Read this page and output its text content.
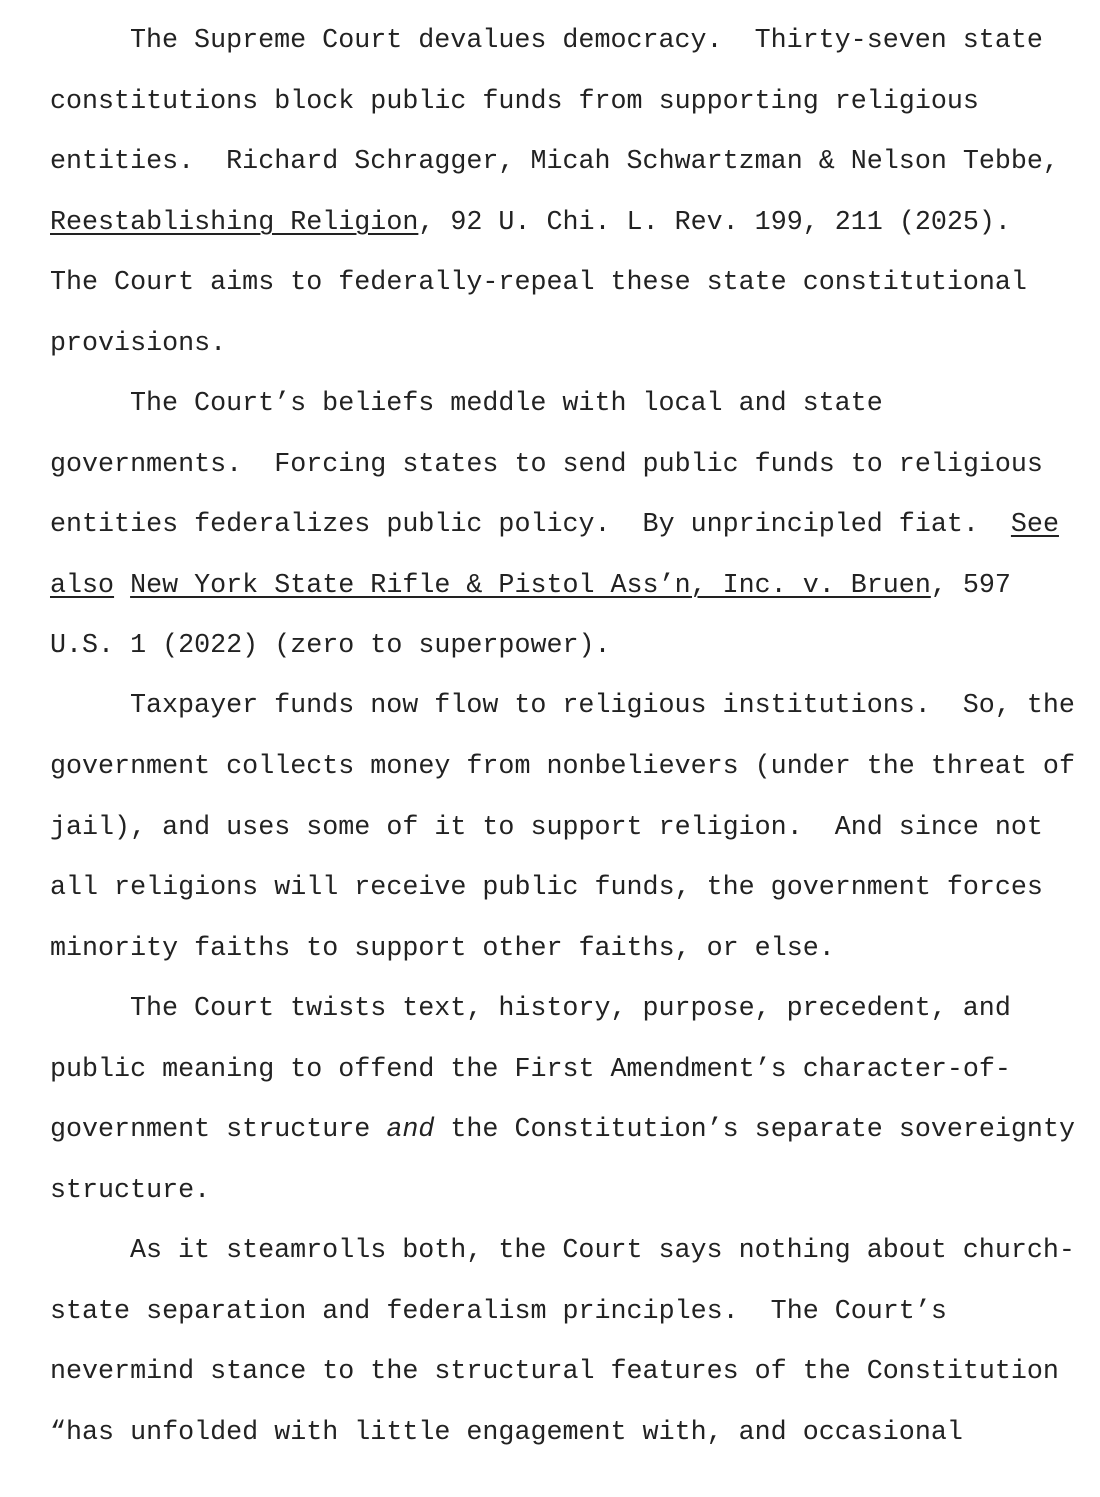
The Supreme Court devalues democracy.  Thirty-seven state
constitutions block public funds from supporting religious
entities.  Richard Schragger, Micah Schwartzman & Nelson Tebbe,
Reestablishing Religion, 92 U. Chi. L. Rev. 199, 211 (2025).
The Court aims to federally-repeal these state constitutional
provisions.
The Court’s beliefs meddle with local and state
governments.  Forcing states to send public funds to religious
entities federalizes public policy.  By unprincipled fiat.  See
also New York State Rifle & Pistol Ass’n, Inc. v. Bruen, 597
U.S. 1 (2022) (zero to superpower).
Taxpayer funds now flow to religious institutions.  So, the
government collects money from nonbelievers (under the threat of
jail), and uses some of it to support religion.  And since not
all religions will receive public funds, the government forces
minority faiths to support other faiths, or else.
The Court twists text, history, purpose, precedent, and
public meaning to offend the First Amendment’s character-of-
government structure and the Constitution’s separate sovereignty
structure.
As it steamrolls both, the Court says nothing about church-
state separation and federalism principles.  The Court’s
nevermind stance to the structural features of the Constitution
“has unfolded with little engagement with, and occasional
